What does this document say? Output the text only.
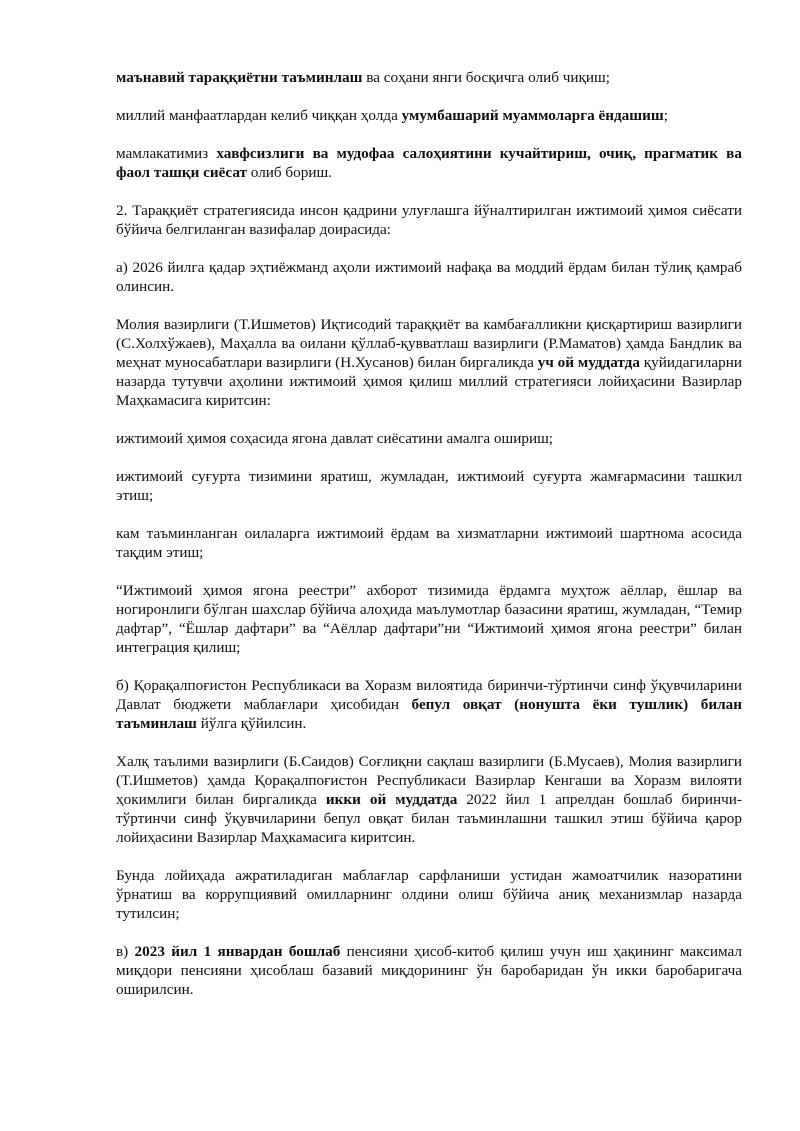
маънавий тараққиётни таъминлаш ва соҳани янги босқичга олиб чиқиш;

миллий манфаатлардан келиб чиққан ҳолда умумбашарий муаммоларга ёндашиш;

мамлакатимиз хавфсизлиги ва мудофаа салоҳиятини кучайтириш, очиқ, прагматик ва фаол ташқи сиёсат олиб бориш.

2. Тараққиёт стратегиясида инсон қадрини улуғлашга йўналтирилган ижтимоий ҳимоя сиёсати бўйича белгиланган вазифалар доирасида:

а) 2026 йилга қадар эҳтиёжманд аҳоли ижтимоий нафақа ва моддий ёрдам билан тўлиқ қамраб олинсин.

Молия вазирлиги (Т.Ишметов) Иқтисодий тараққиёт ва камбағалликни қисқартириш вазирлиги (С.Холхўжаев), Маҳалла ва оилани қўллаб-қувватлаш вазирлиги (Р.Маматов) ҳамда Бандлик ва меҳнат муносабатлари вазирлиги (Н.Хусанов) билан биргаликда уч ой муддатда қуйидагиларни назарда тутувчи аҳолини ижтимоий ҳимоя қилиш миллий стратегияси лойиҳасини Вазирлар Маҳкамасига киритсин:

ижтимоий ҳимоя соҳасида ягона давлат сиёсатини амалга ошириш;

ижтимоий суғурта тизимини яратиш, жумладан, ижтимоий суғурта жамғармасини ташкил этиш;

кам таъминланган оилаларга ижтимоий ёрдам ва хизматларни ижтимоий шартнома асосида тақдим этиш;

“Ижтимоий ҳимоя ягона реестри” ахборот тизимида ёрдамга муҳтож аёллар, ёшлар ва ногиронлиги бўлган шахслар бўйича алоҳида маълумотлар базасини яратиш, жумладан, “Темир дафтар”, “Ёшлар дафтари” ва “Аёллар дафтари”ни “Ижтимоий ҳимоя ягона реестри” билан интеграция қилиш;

б) Қорақалпоғистон Республикаси ва Хоразм вилоятида биринчи-тўртинчи синф ўқувчиларини Давлат бюджети маблағлари ҳисобидан бепул овқат (нонушта ёки тушлик) билан таъминлаш йўлга қўйилсин.

Халқ таълими вазирлиги (Б.Саидов) Соғлиқни сақлаш вазирлиги (Б.Мусаев), Молия вазирлиги (Т.Ишметов) ҳамда Қорақалпоғистон Республикаси Вазирлар Кенгаши ва Хоразм вилояти ҳокимлиги билан биргаликда икки ой муддатда 2022 йил 1 апрелдан бошлаб биринчи-тўртинчи синф ўқувчиларини бепул овқат билан таъминлашни ташкил этиш бўйича қарор лойиҳасини Вазирлар Маҳкамасига киритсин.

Бунда лойиҳада ажратиладиган маблағлар сарфланиши устидан жамоатчилик назоратини ўрнатиш ва коррупциявий омилларнинг олдини олиш бўйича аниқ механизмлар назарда тутилсин;

в) 2023 йил 1 январдан бошлаб пенсияни ҳисоб-китоб қилиш учун иш ҳақининг максимал миқдори пенсияни ҳисоблаш базавий миқдорининг ўн баробаридан ўн икки баробаригача оширилсин.
